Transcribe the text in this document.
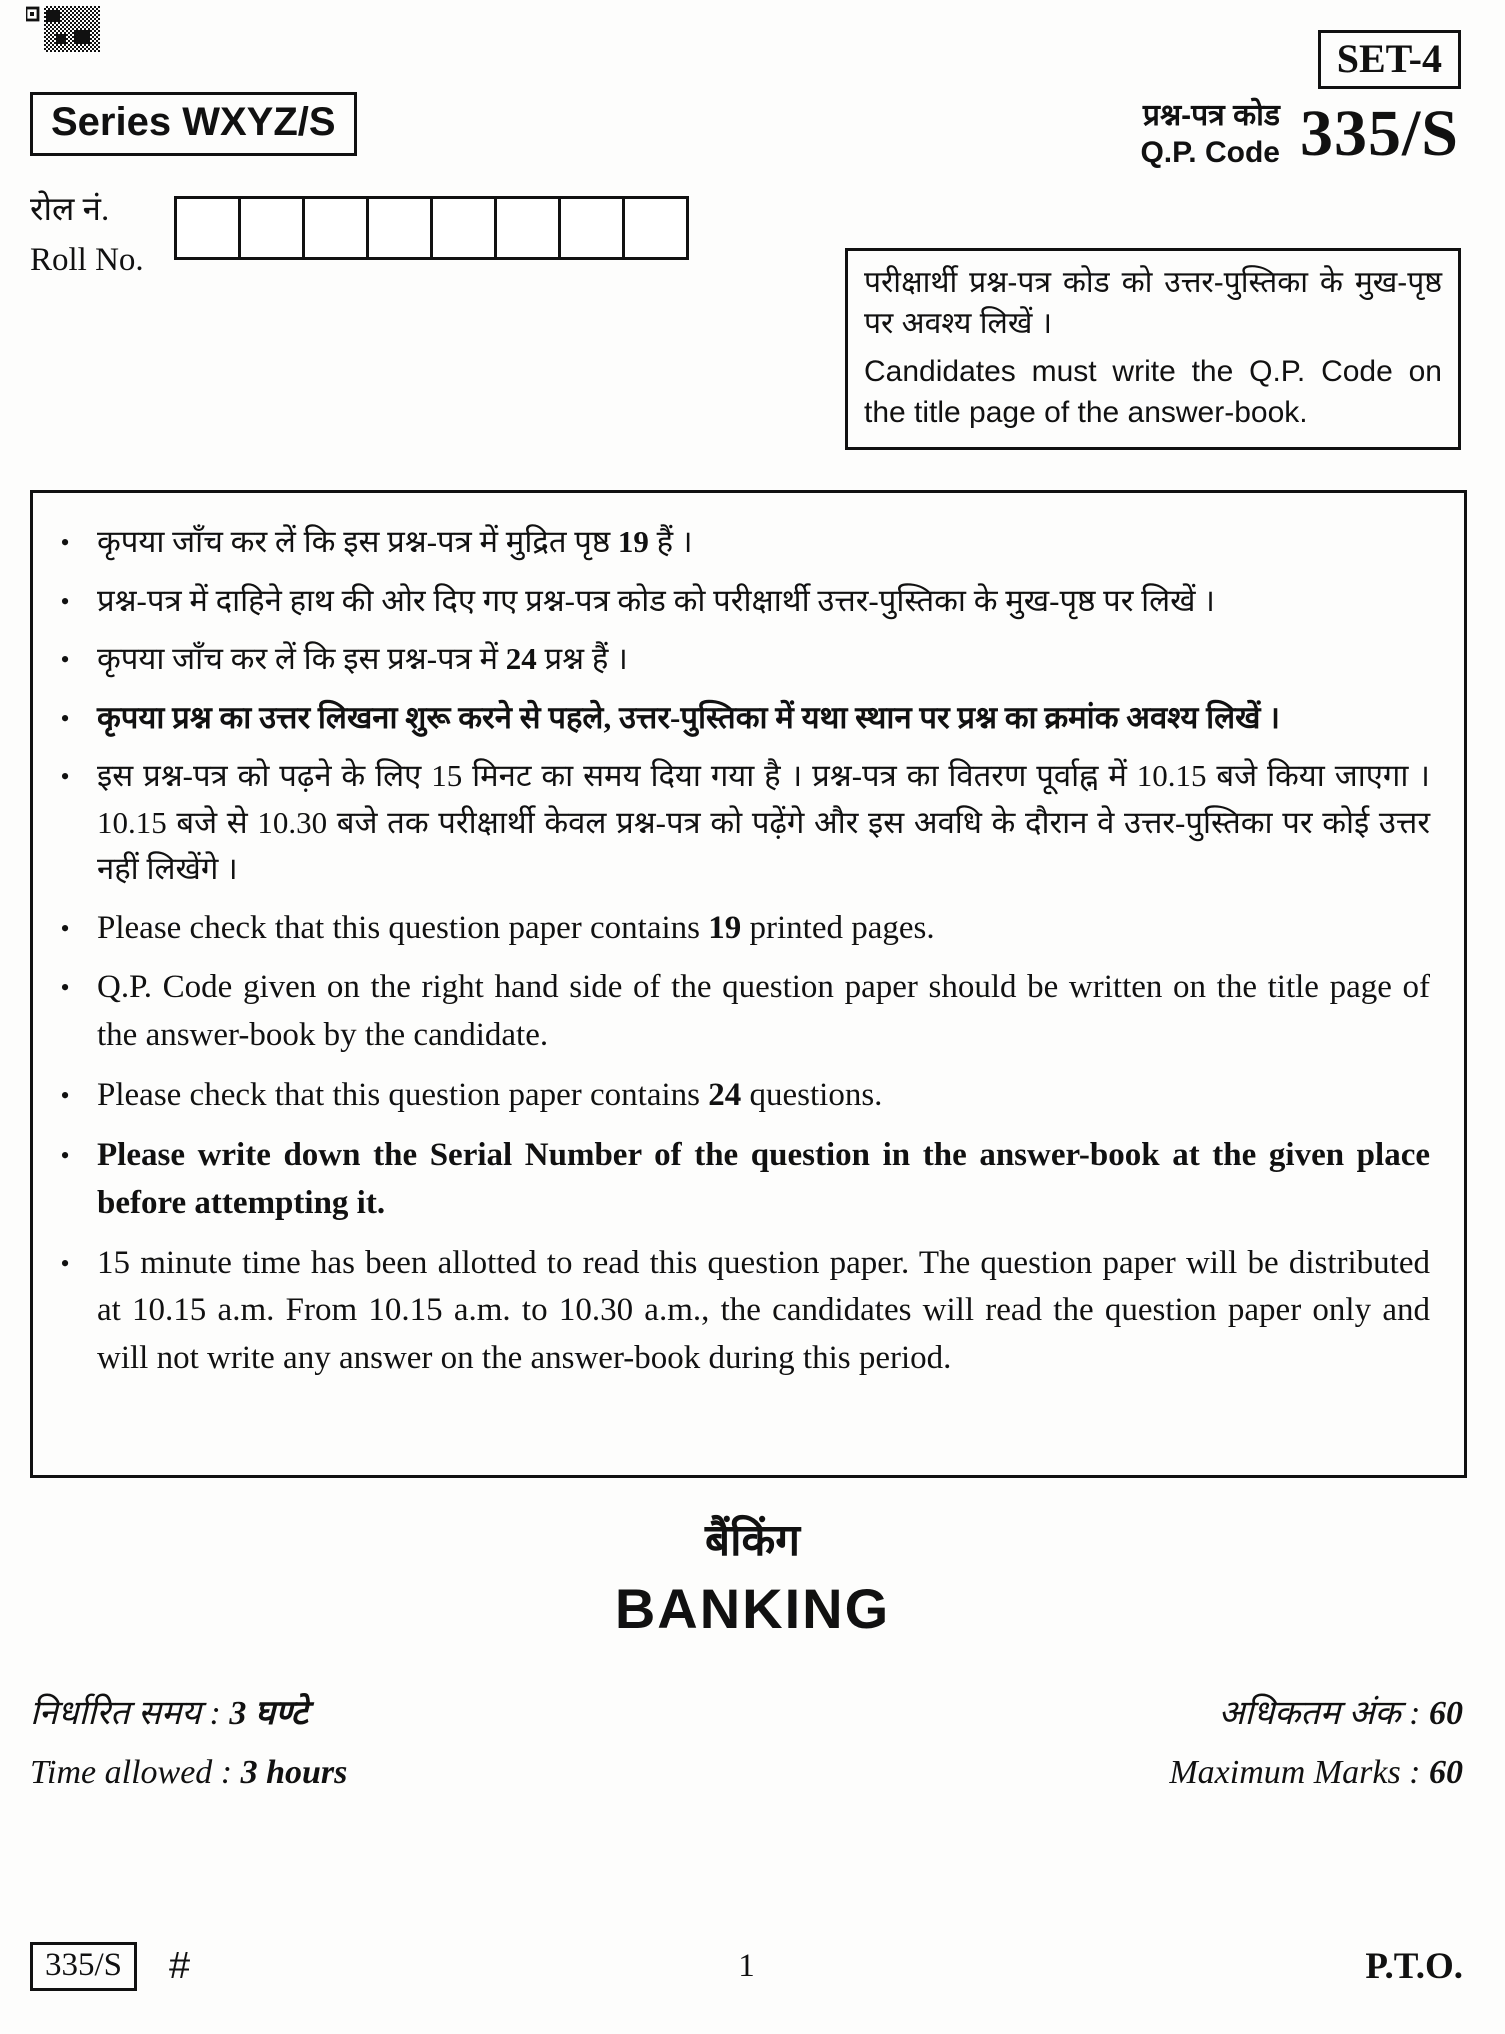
SET-4
Series WXYZ/S	प्रश्न-पत्र कोड
Q.P. Code 335/S
रोल नं.
Roll No.

परीक्षार्थी प्रश्न-पत्र कोड को उत्तर-पुस्तिका के मुख-पृष्ठ पर अवश्य लिखें ।

Candidates must write the Q.P. Code on the title page of the answer-book.

• कृपया जाँच कर लें कि इस प्रश्न-पत्र में मुद्रित पृष्ठ 19 हैं ।
• प्रश्न-पत्र में दाहिने हाथ की ओर दिए गए प्रश्न-पत्र कोड को परीक्षार्थी उत्तर-पुस्तिका के मुख-पृष्ठ पर लिखें ।
• कृपया जाँच कर लें कि इस प्रश्न-पत्र में 24 प्रश्न हैं ।
• कृपया प्रश्न का उत्तर लिखना शुरू करने से पहले, उत्तर-पुस्तिका में यथा स्थान पर प्रश्न का क्रमांक अवश्य लिखें ।
• इस प्रश्न-पत्र को पढ़ने के लिए 15 मिनट का समय दिया गया है । प्रश्न-पत्र का वितरण पूर्वाह्न में 10.15 बजे किया जाएगा । 10.15 बजे से 10.30 बजे तक परीक्षार्थी केवल प्रश्न-पत्र को पढ़ेंगे और इस अवधि के दौरान वे उत्तर-पुस्तिका पर कोई उत्तर नहीं लिखेंगे ।
• Please check that this question paper contains 19 printed pages.
• Q.P. Code given on the right hand side of the question paper should be written on the title page of the answer-book by the candidate.
• Please check that this question paper contains 24 questions.
• Please write down the Serial Number of the question in the answer-book at the given place before attempting it.
• 15 minute time has been allotted to read this question paper. The question paper will be distributed at 10.15 a.m. From 10.15 a.m. to 10.30 a.m., the candidates will read the question paper only and will not write any answer on the answer-book during this period.
बैंकिंग
BANKING
निर्धारित समय : 3 घण्टे	अधिकतम अंक : 60
Time allowed : 3 hours	Maximum Marks : 60
1
335/S	#	P.T.O.
